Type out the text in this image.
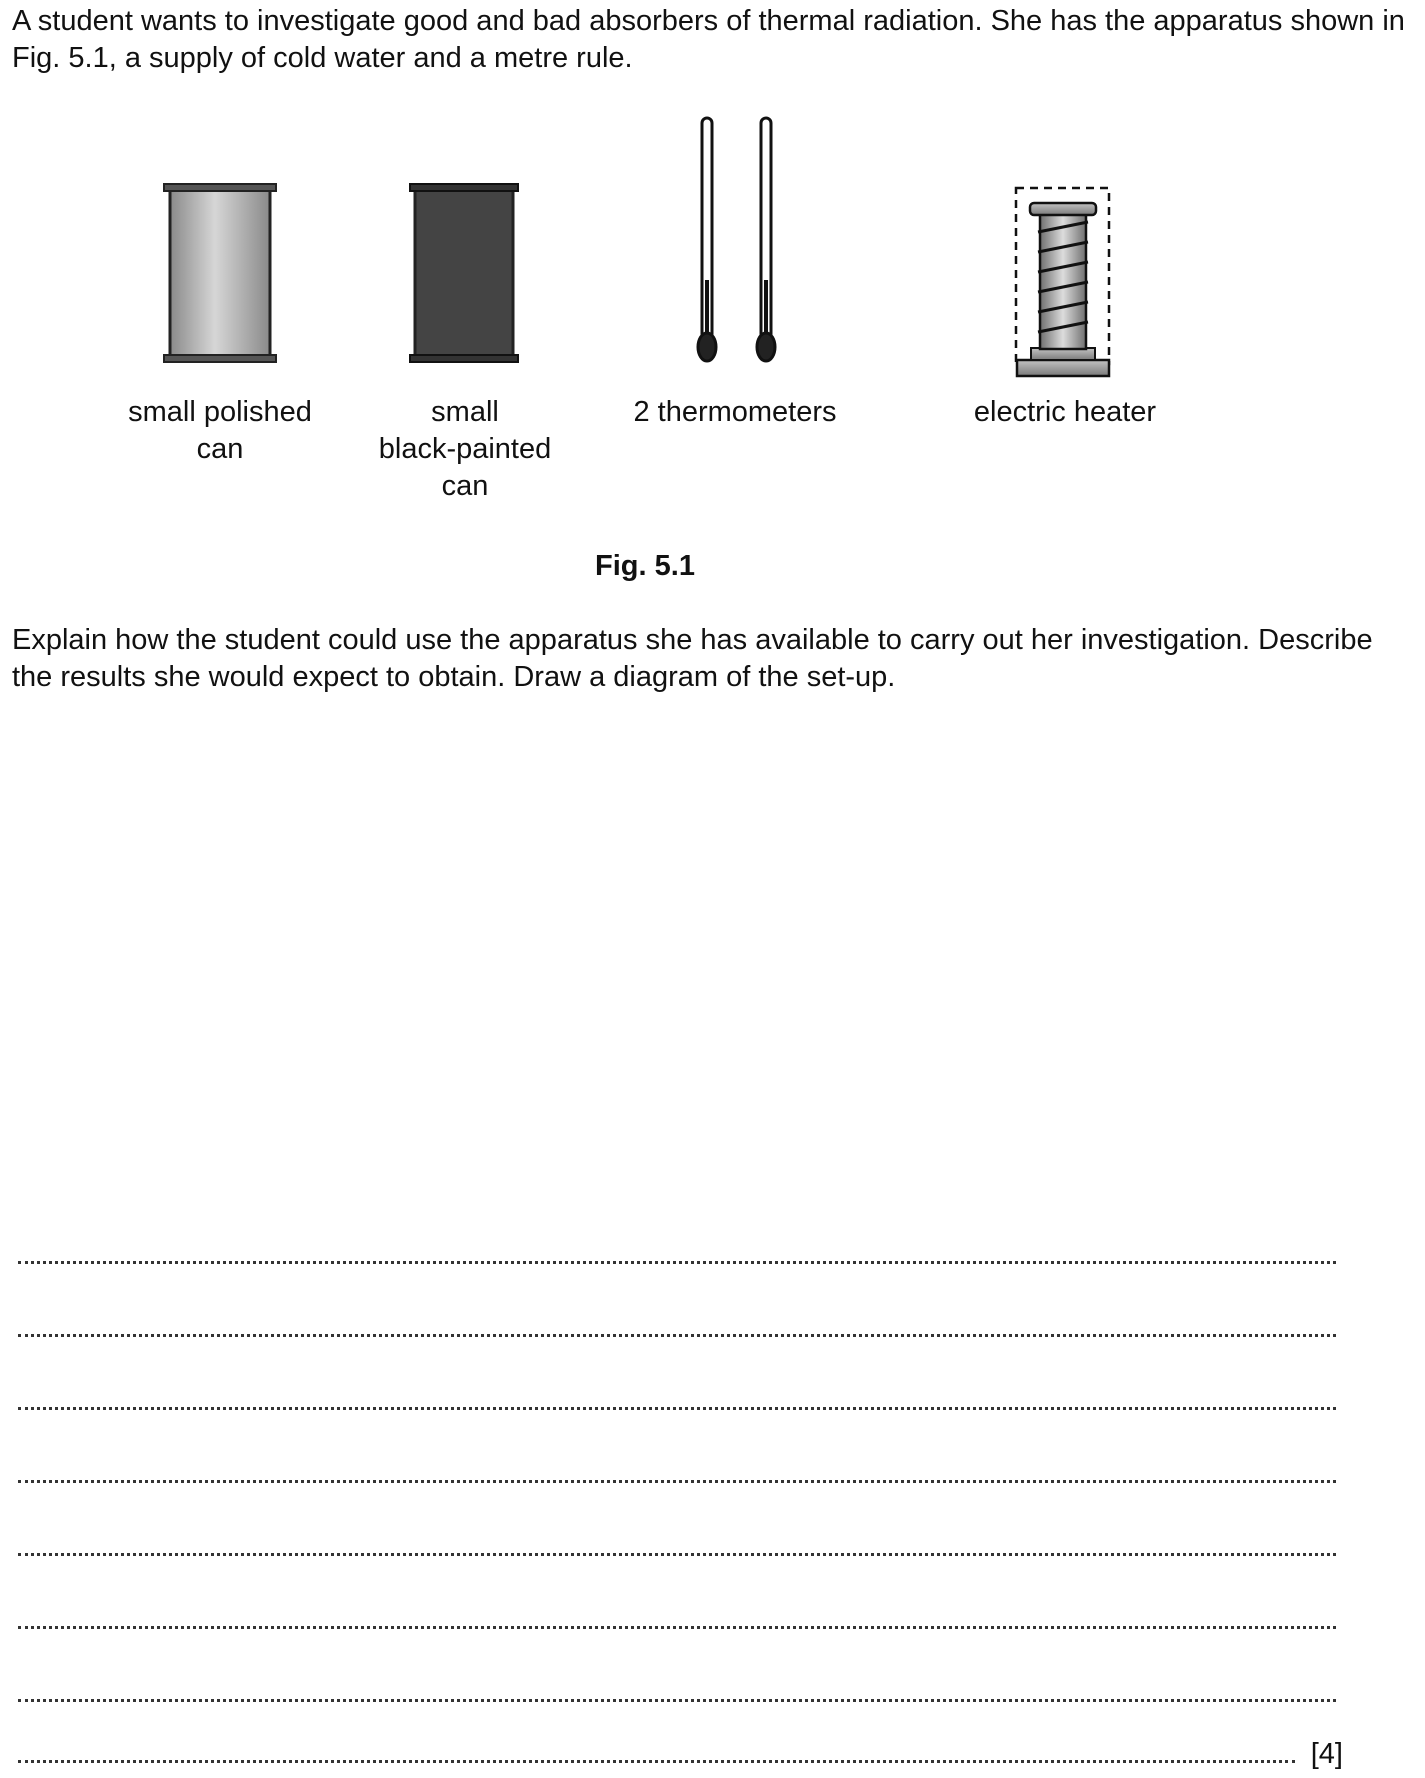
A student wants to investigate good and bad absorbers of thermal radiation. She has the apparatus shown in Fig. 5.1, a supply of cold water and a metre rule.

small polished
can
small
black-painted
can
2 thermometers	electric heater
Fig. 5.1

Explain how the student could use the apparatus she has available to carry out her investigation. Describe the results she would expect to obtain. Draw a diagram of the set-up.

[4]
